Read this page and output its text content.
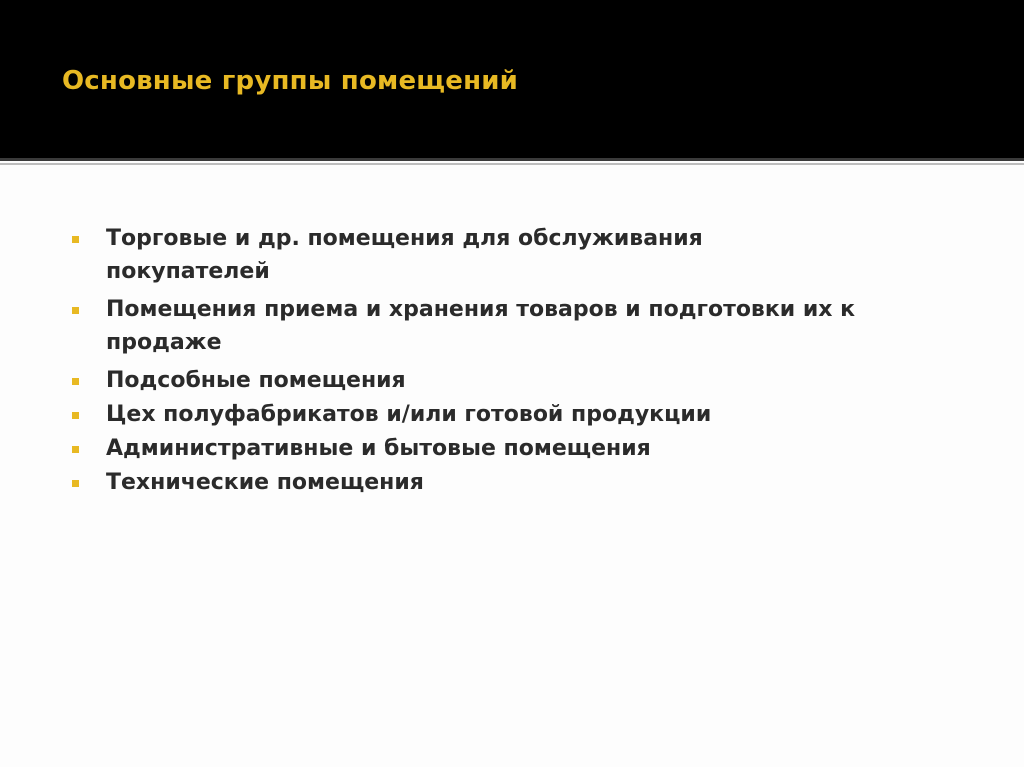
Основные группы помещений
Торговые и др. помещения для обслуживания покупателей
Помещения приема и хранения товаров и подготовки их к продаже
Подсобные помещения
Цех полуфабрикатов и/или готовой продукции
Административные и бытовые помещения
Технические помещения
